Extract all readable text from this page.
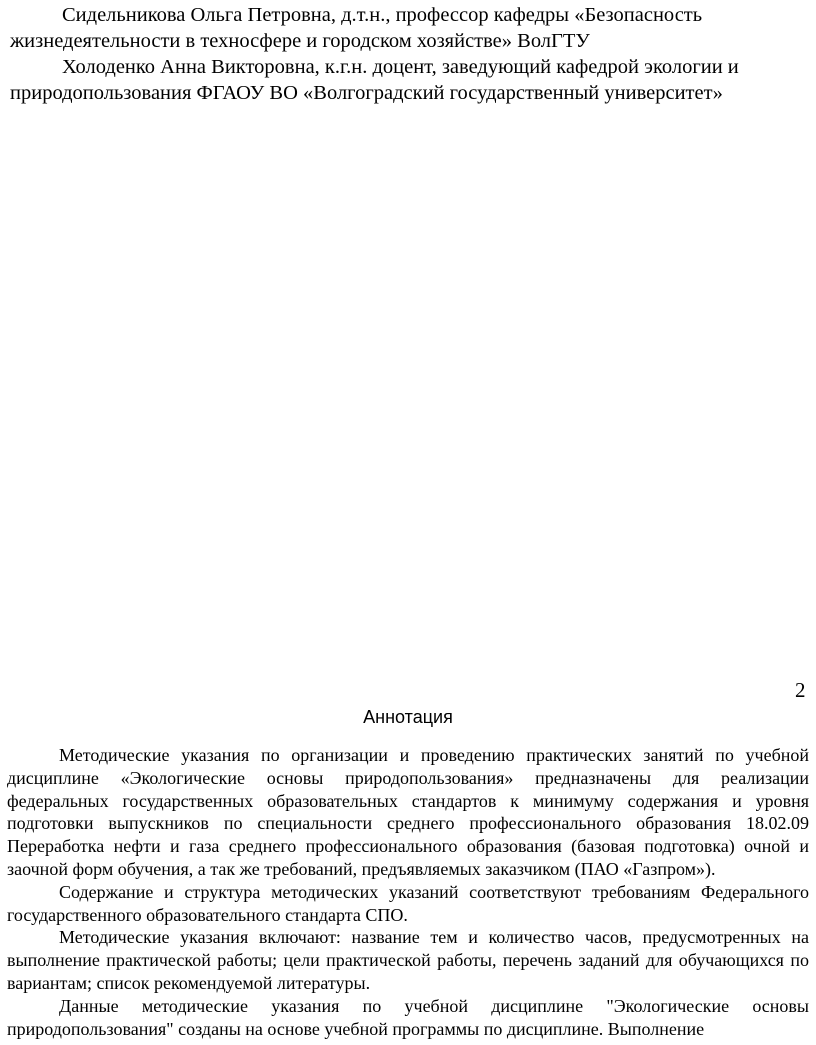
Сидельникова Ольга Петровна, д.т.н., профессор кафедры «Безопасность жизнедеятельности в техносфере и городском хозяйстве» ВолГТУ

Холоденко Анна Викторовна, к.г.н. доцент, заведующий кафедрой экологии и природопользования ФГАОУ ВО «Волгоградский государственный университет»

2
Аннотация

Методические указания по организации и проведению практических занятий по учебной дисциплине «Экологические основы природопользования» предназначены для реализации федеральных государственных образовательных стандартов к минимуму содержания и уровня подготовки выпускников по специальности среднего профессионального образования 18.02.09 Переработка нефти и газа среднего профессионального образования (базовая подготовка) очной и заочной форм обучения, а так же требований, предъявляемых заказчиком (ПАО «Газпром»).

Содержание и структура методических указаний соответствуют требованиям Федерального государственного образовательного стандарта СПО.

Методические указания включают: название тем и количество часов, предусмотренных на выполнение практической работы; цели практической работы, перечень заданий для обучающихся по вариантам; список рекомендуемой литературы.

Данные методические указания по учебной дисциплине "Экологические основы природопользования" созданы на основе учебной программы по дисциплине. Выполнение
